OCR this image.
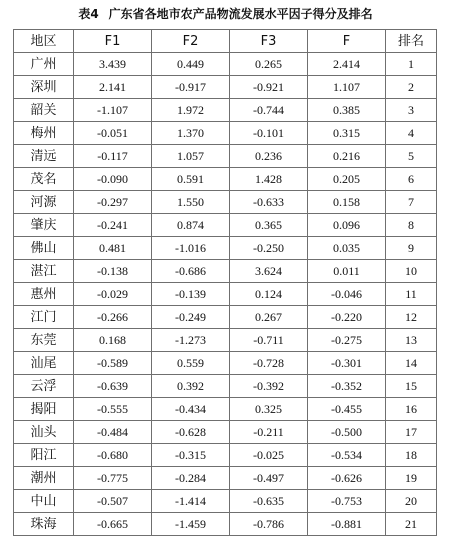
表4 广东省各地市农产品物流发展水平因子得分及排名
地区	F1	F2	F3	F	排名
广州	3.439	0.449	0.265	2.414	1
深圳	2.141	-0.917	-0.921	1.107	2
韶关	-1.107	1.972	-0.744	0.385	3
梅州	-0.051	1.370	-0.101	0.315	4
清远	-0.117	1.057	0.236	0.216	5
茂名	-0.090	0.591	1.428	0.205	6
河源	-0.297	1.550	-0.633	0.158	7
肇庆	-0.241	0.874	0.365	0.096	8
佛山	0.481	-1.016	-0.250	0.035	9
湛江	-0.138	-0.686	3.624	0.011	10
惠州	-0.029	-0.139	0.124	-0.046	11
江门	-0.266	-0.249	0.267	-0.220	12
东莞	0.168	-1.273	-0.711	-0.275	13
汕尾	-0.589	0.559	-0.728	-0.301	14
云浮	-0.639	0.392	-0.392	-0.352	15
揭阳	-0.555	-0.434	0.325	-0.455	16
汕头	-0.484	-0.628	-0.211	-0.500	17
阳江	-0.680	-0.315	-0.025	-0.534	18
潮州	-0.775	-0.284	-0.497	-0.626	19
中山	-0.507	-1.414	-0.635	-0.753	20
珠海	-0.665	-1.459	-0.786	-0.881	21
